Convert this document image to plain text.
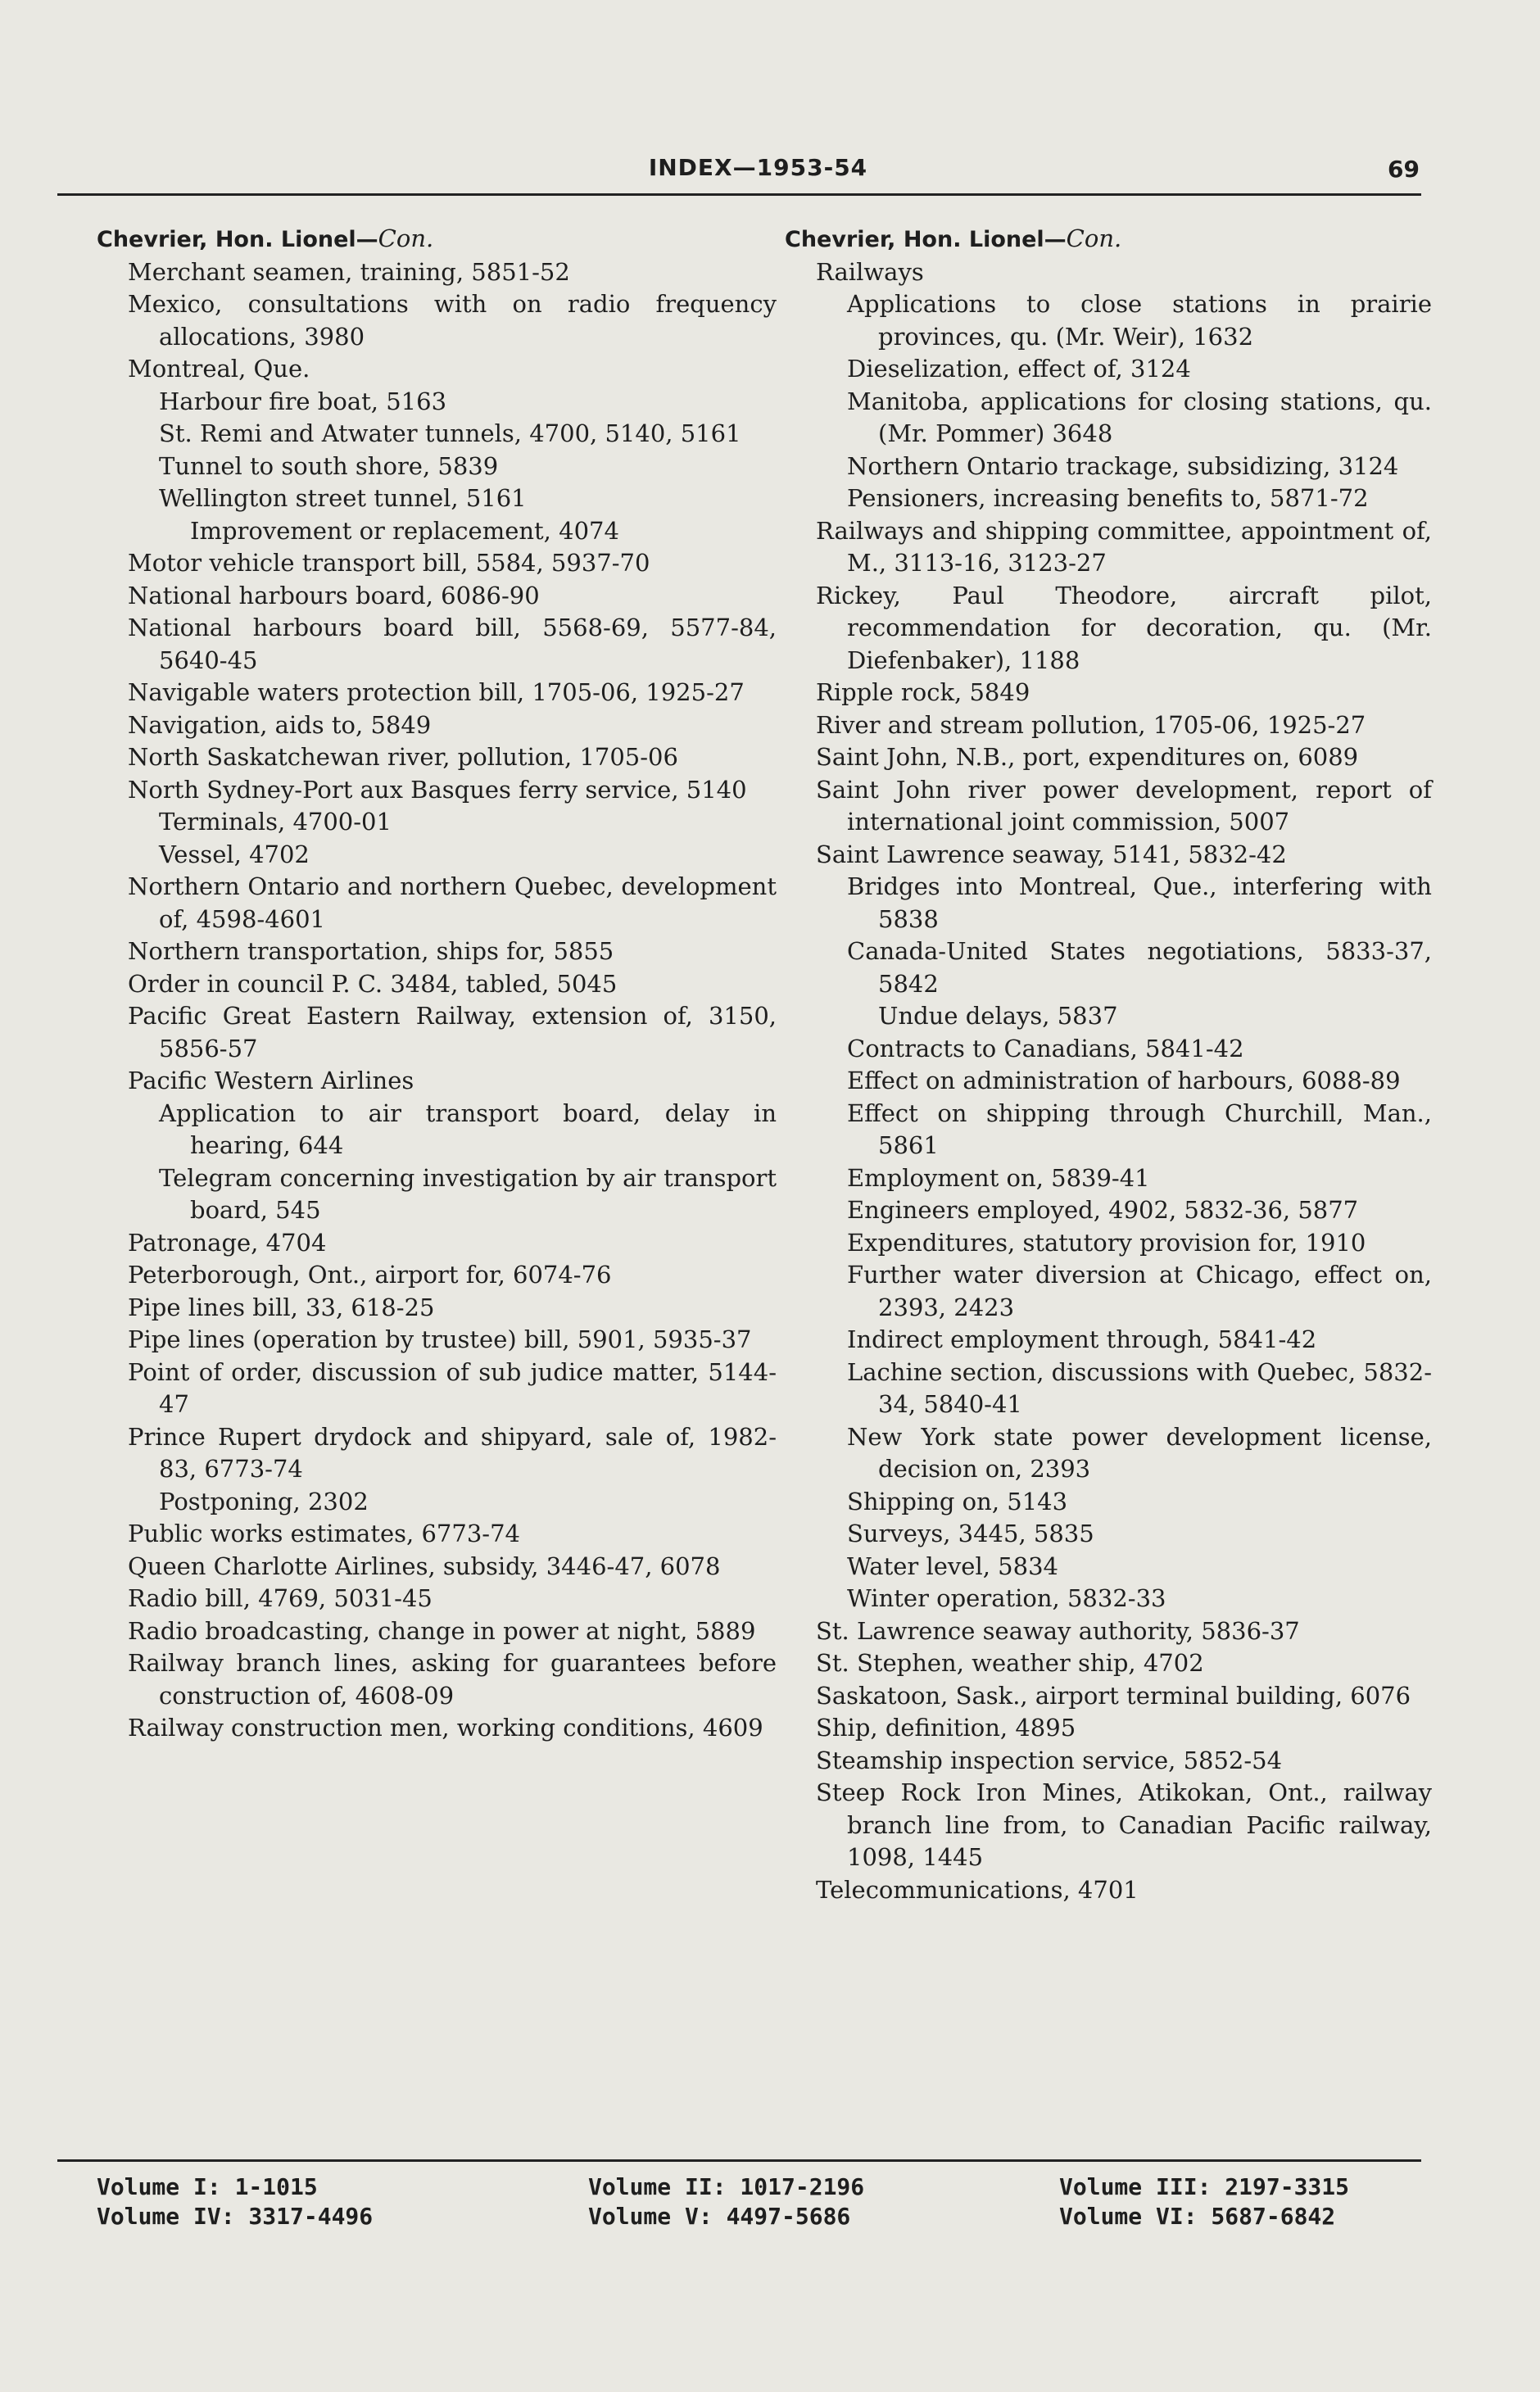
INDEX—1953-54	69
Chevrier, Hon. Lionel—Con.
Merchant seamen, training, 5851-52
Mexico, consultations with on radio frequency allocations, 3980
Montreal, Que.
Harbour fire boat, 5163
St. Remi and Atwater tunnels, 4700, 5140, 5161
Tunnel to south shore, 5839
Wellington street tunnel, 5161
Improvement or replacement, 4074
Motor vehicle transport bill, 5584, 5937-70
National harbours board, 6086-90
National harbours board bill, 5568-69, 5577-84, 5640-45
Navigable waters protection bill, 1705-06, 1925-27
Navigation, aids to, 5849
North Saskatchewan river, pollution, 1705-06
North Sydney-Port aux Basques ferry service, 5140
Terminals, 4700-01
Vessel, 4702
Northern Ontario and northern Quebec, development of, 4598-4601
Northern transportation, ships for, 5855
Order in council P. C. 3484, tabled, 5045
Pacific Great Eastern Railway, extension of, 3150, 5856-57
Pacific Western Airlines
Application to air transport board, delay in hearing, 644
Telegram concerning investigation by air transport board, 545
Patronage, 4704
Peterborough, Ont., airport for, 6074-76
Pipe lines bill, 33, 618-25
Pipe lines (operation by trustee) bill, 5901, 5935-37
Point of order, discussion of sub judice matter, 5144-47
Prince Rupert drydock and shipyard, sale of, 1982-83, 6773-74
Postponing, 2302
Public works estimates, 6773-74
Queen Charlotte Airlines, subsidy, 3446-47, 6078
Radio bill, 4769, 5031-45
Radio broadcasting, change in power at night, 5889
Railway branch lines, asking for guarantees before construction of, 4608-09
Railway construction men, working conditions, 4609
Chevrier, Hon. Lionel—Con.
Railways
Applications to close stations in prairie provinces, qu. (Mr. Weir), 1632
Dieselization, effect of, 3124
Manitoba, applications for closing stations, qu. (Mr. Pommer) 3648
Northern Ontario trackage, subsidizing, 3124
Pensioners, increasing benefits to, 5871-72
Railways and shipping committee, appointment of, M., 3113-16, 3123-27
Rickey, Paul Theodore, aircraft pilot, recommendation for decoration, qu. (Mr. Diefenbaker), 1188
Ripple rock, 5849
River and stream pollution, 1705-06, 1925-27
Saint John, N.B., port, expenditures on, 6089
Saint John river power development, report of international joint commission, 5007
Saint Lawrence seaway, 5141, 5832-42
Bridges into Montreal, Que., interfering with 5838
Canada-United States negotiations, 5833-37, 5842
Undue delays, 5837
Contracts to Canadians, 5841-42
Effect on administration of harbours, 6088-89
Effect on shipping through Churchill, Man., 5861
Employment on, 5839-41
Engineers employed, 4902, 5832-36, 5877
Expenditures, statutory provision for, 1910
Further water diversion at Chicago, effect on, 2393, 2423
Indirect employment through, 5841-42
Lachine section, discussions with Quebec, 5832-34, 5840-41
New York state power development license, decision on, 2393
Shipping on, 5143
Surveys, 3445, 5835
Water level, 5834
Winter operation, 5832-33
St. Lawrence seaway authority, 5836-37
St. Stephen, weather ship, 4702
Saskatoon, Sask., airport terminal building, 6076
Ship, definition, 4895
Steamship inspection service, 5852-54
Steep Rock Iron Mines, Atikokan, Ont., railway branch line from, to Canadian Pacific railway, 1098, 1445
Telecommunications, 4701
Volume I: 1-1015
Volume IV: 3317-4496
Volume II: 1017-2196
Volume V: 4497-5686
Volume III: 2197-3315
Volume VI: 5687-6842
